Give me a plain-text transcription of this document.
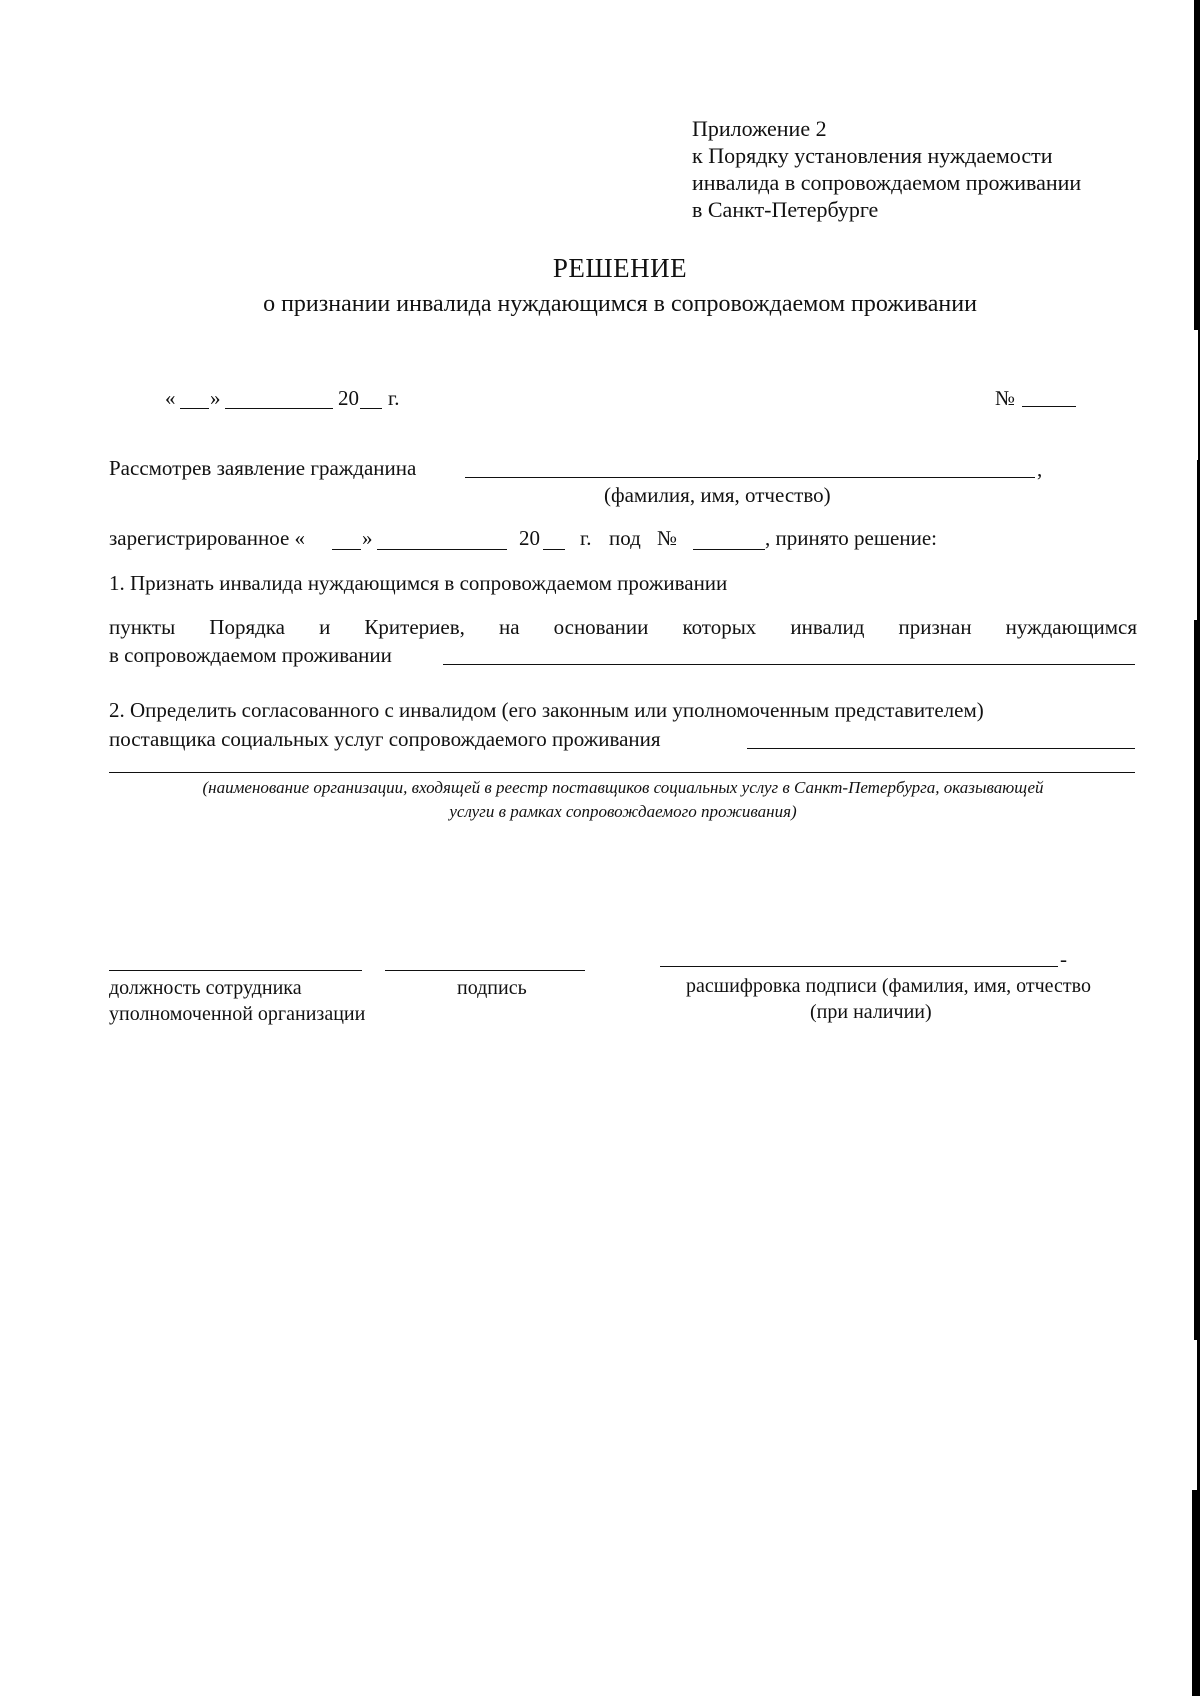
Приложение 2
к Порядку установления нуждаемости
инвалида в сопровождаемом проживании
в Санкт-Петербурге
РЕШЕНИЕ
о признании инвалида нуждающимся в сопровождаемом проживании
« »	20 г.	№
Рассмотрев заявление гражданина	,
(фамилия, имя, отчество)
зарегистрированное «	»	20 г. под №	, принято решение:
1. Признать инвалида нуждающимся в сопровождаемом проживании
пункты Порядка и Критериев, на основании которых инвалид признан нуждающимся
в сопровождаемом проживании
2. Определить согласованного с инвалидом (его законным или уполномоченным представителем)
поставщика социальных услуг сопровождаемого проживания
(наименование организации, входящей в реестр поставщиков социальных услуг в Санкт-Петербурга, оказывающей
услуги в рамках сопровождаемого проживания)
-
должность сотрудника
уполномоченной организации
подпись	расшифровка подписи (фамилия, имя, отчество
(при наличии)
